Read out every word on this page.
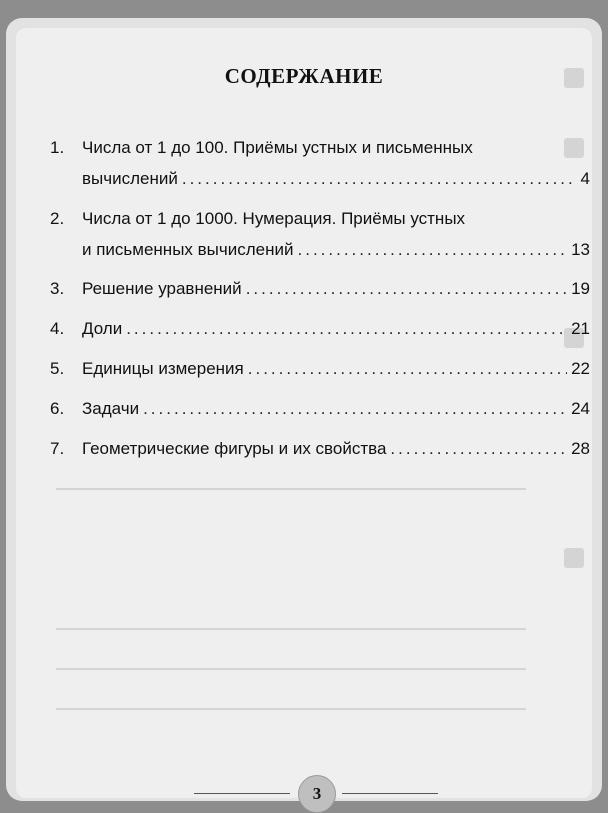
СОДЕРЖАНИЕ
1. Числа от 1 до 100. Приёмы устных и письменных
вычислений .....	4
2. Числа от 1 до 1000. Нумерация. Приёмы устных
и письменных вычислений .....	13
3. Решение уравнений .....	19
4. Доли .....	21
5. Единицы измерения .....	22
6. Задачи .....	24
7. Геометрические фигуры и их свойства .....	28
3
